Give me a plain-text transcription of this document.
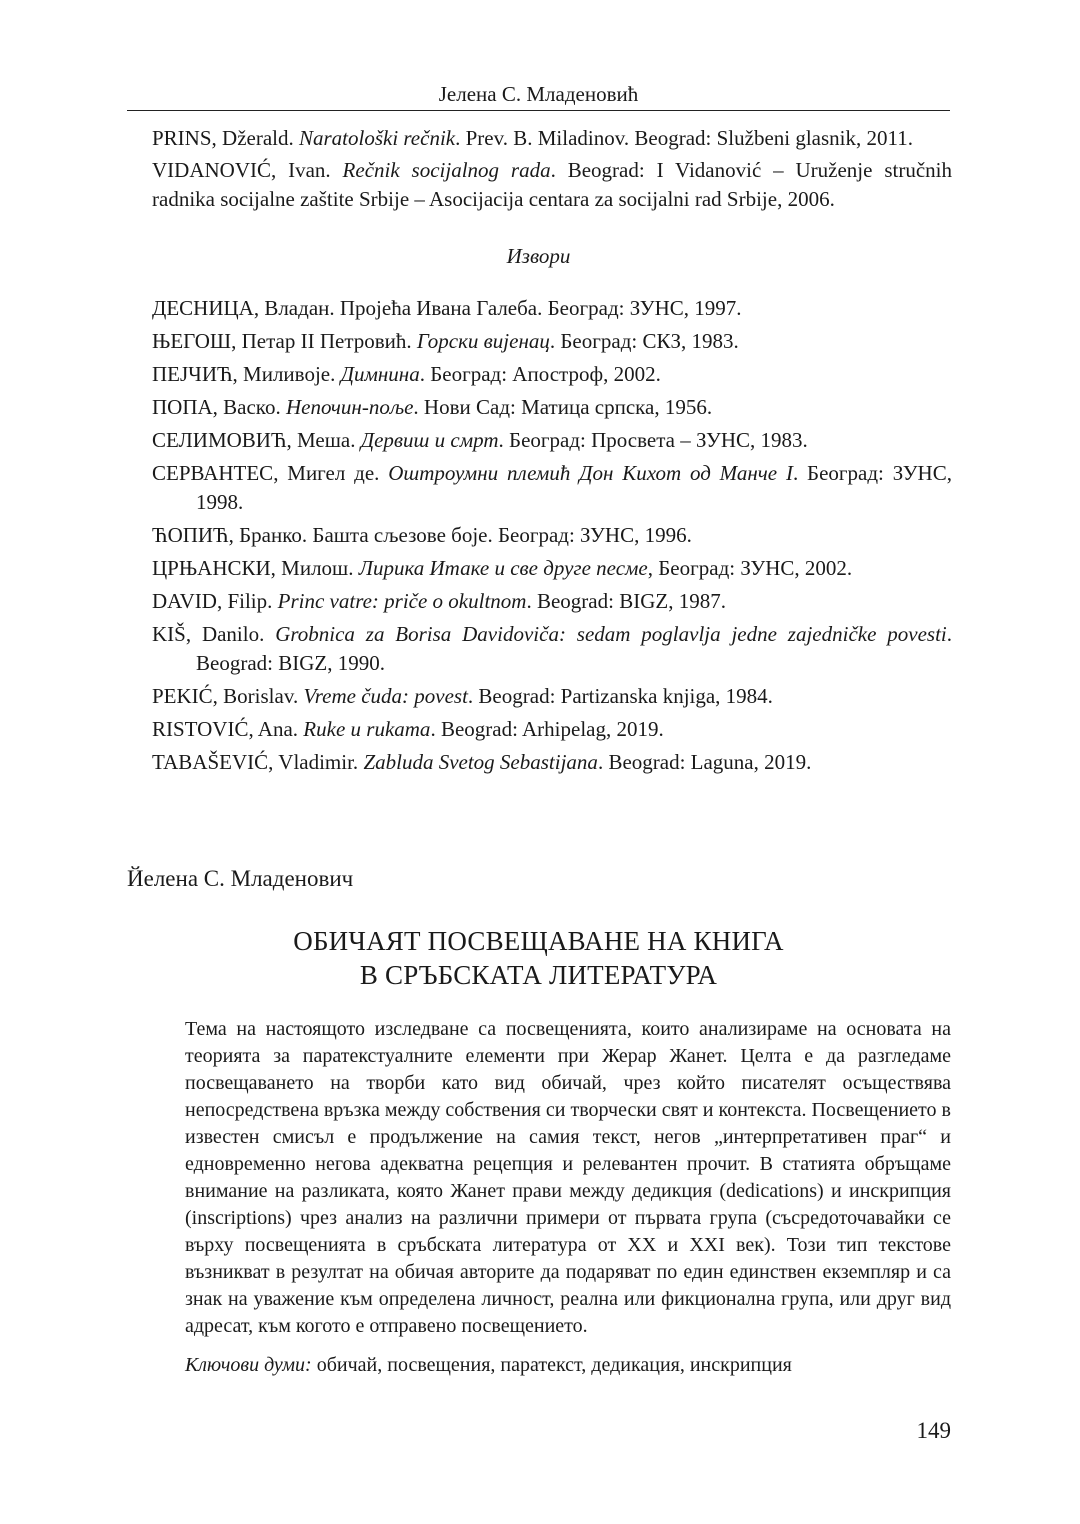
Јелена С. Младеновић
PRINS, Džerald. Naratološki rečnik. Prev. B. Miladinov. Beograd: Službeni glasnik, 2011.
VIDANOVIĆ, Ivan. Rečnik socijalnog rada. Beograd: I Vidanović – Uruženje stručnih
radnika socijalne zaštite Srbije – Asocijacija centara za socijalni rad Srbije, 2006.
Извори
ДЕСНИЦА, Владан. Пројећа Ивана Галеба. Београд: ЗУНС, 1997.
ЊЕГОШ, Петар II Петровић. Горски вијенац. Београд: СКЗ, 1983.
ПЕЈЧИЋ, Миливоје. Димнина. Београд: Апостроф, 2002.
ПОПА, Васко. Непочин-поље. Нови Сад: Матица српска, 1956.
СЕЛИМОВИЋ, Меша. Дервиш и смрт. Београд: Просвета – ЗУНС, 1983.
СЕРВАНТЕС, Мигел де. Оштроумни племић Дон Кихот од Манче I. Београд: ЗУНС, 1998.
ЋОПИЋ, Бранко. Башта сљезове боје. Београд: ЗУНС, 1996.
ЦРЊАНСКИ, Милош. Лирика Итаке и све друге песме, Београд: ЗУНС, 2002.
DAVID, Filip. Princ vatre: priče o okultnom. Beograd: BIGZ, 1987.
KIŠ, Danilo. Grobnica za Borisa Davidoviča: sedam poglavlja jedne zajedničke povesti. Beograd: BIGZ, 1990.
PEKIĆ, Borislav. Vreme čuda: povest. Beograd: Partizanska knjiga, 1984.
RISTOVIĆ, Ana. Ruke u rukama. Beograd: Arhipelag, 2019.
TABAŠEVIĆ, Vladimir. Zabluda Svetog Sebastijana. Beograd: Laguna, 2019.
Йелена С. Младенович
ОБИЧАЯТ ПОСВЕЩАВАНЕ НА КНИГА
В СРЪБСКАТА ЛИТЕРАТУРА

Тема на настоящото изследване са посвещенията, които анализираме на основата на теорията за паратекстуалните елементи при Жерар Жанет. Целта е да разгледаме посвещаването на творби като вид обичай, чрез който писателят осъществява непосредствена връзка между собствения си творчески свят и контекста. Посвещението в известен смисъл е продължение на самия текст, негов „интерпретативен праг“ и едновременно негова адекватна рецепция и релевантен прочит. В статията обръщаме внимание на разликата, която Жанет прави между дедикция (dedications) и инскрипция (inscriptions) чрез анализ на различни примери от първата група (съсредоточавайки се върху посвещенията в сръбската литература от XX и XXI век). Този тип текстове възникват в резултат на обичая авторите да подаряват по един единствен екземпляр и са знак на уважение към определена личност, реална или фикционална група, или друг вид адресат, към когото е отправено посвещението.

Ключови думи: обичай, посвещения, паратекст, дедикация, инскрипция

149
